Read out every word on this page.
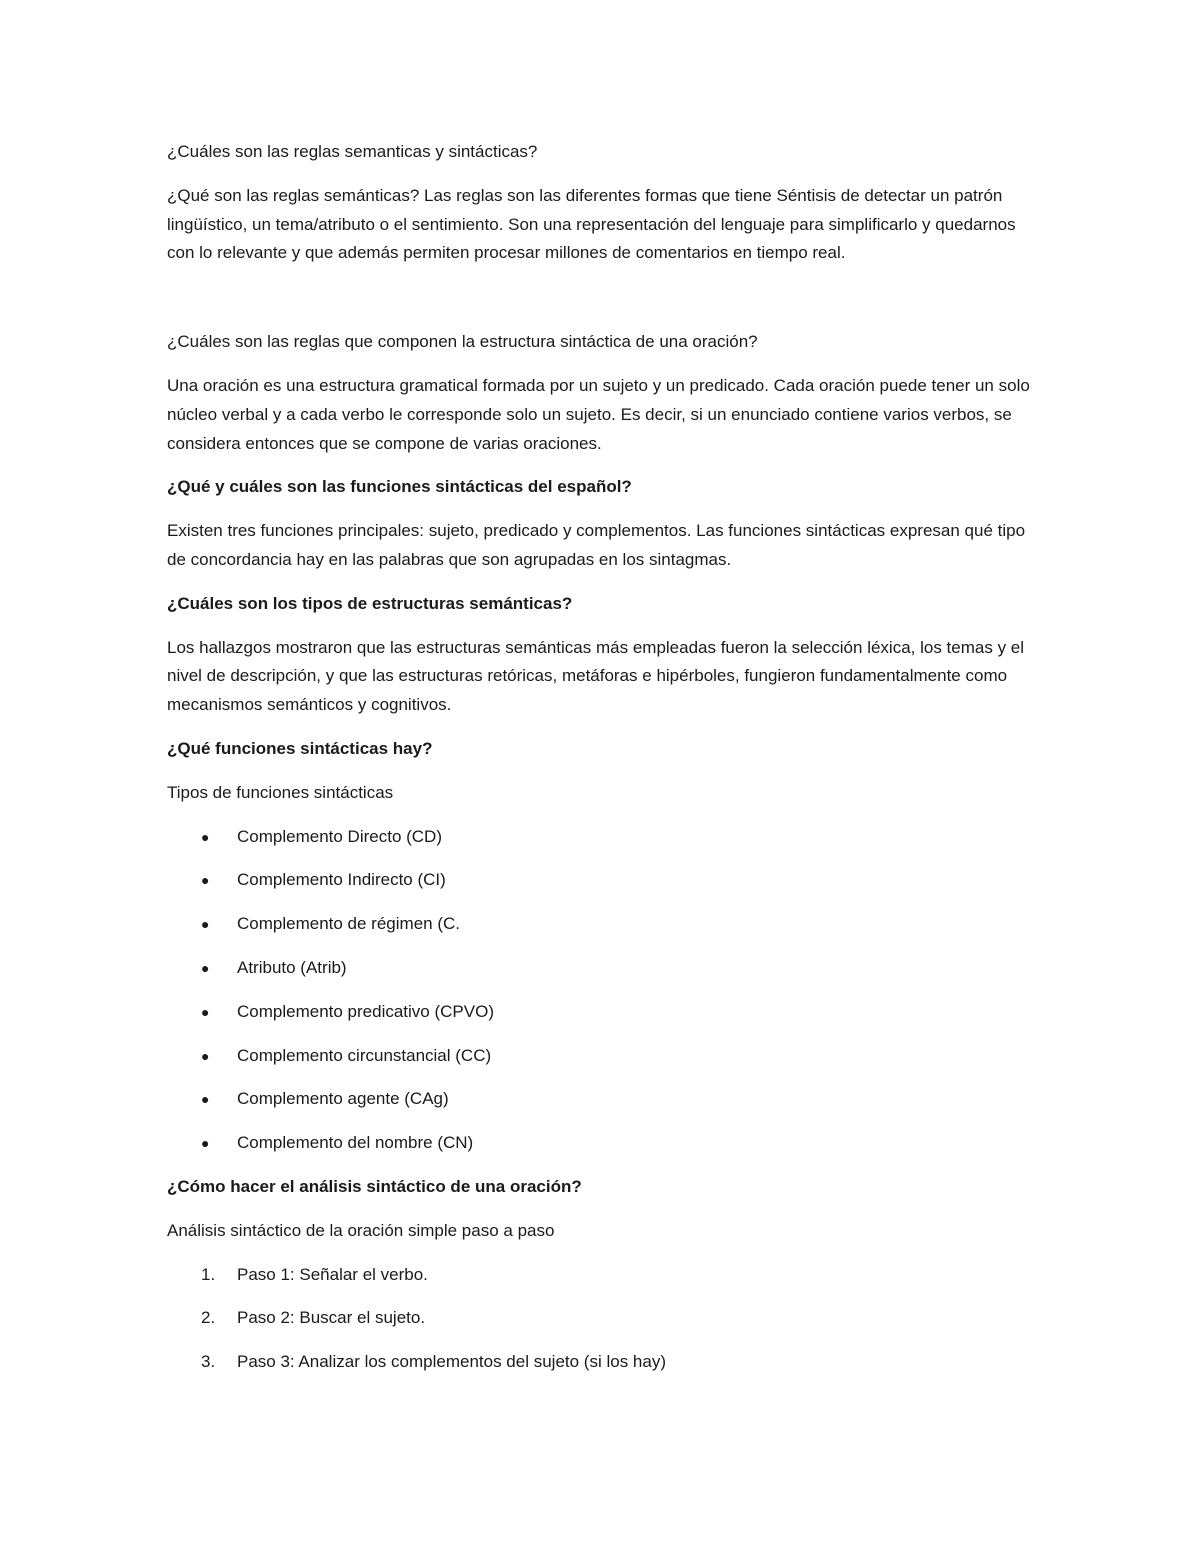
¿Cuáles son las reglas semanticas y sintácticas?

¿Qué son las reglas semánticas? Las reglas son las diferentes formas que tiene Séntisis de detectar un patrón lingüístico, un tema/atributo o el sentimiento. Son una representación del lenguaje para simplificarlo y quedarnos con lo relevante y que además permiten procesar millones de comentarios en tiempo real.

¿Cuáles son las reglas que componen la estructura sintáctica de una oración?

Una oración es una estructura gramatical formada por un sujeto y un predicado. Cada oración puede tener un solo núcleo verbal y a cada verbo le corresponde solo un sujeto. Es decir, si un enunciado contiene varios verbos, se considera entonces que se compone de varias oraciones.

¿Qué y cuáles son las funciones sintácticas del español?

Existen tres funciones principales: sujeto, predicado y complementos. Las funciones sintácticas expresan qué tipo de concordancia hay en las palabras que son agrupadas en los sintagmas.

¿Cuáles son los tipos de estructuras semánticas?

Los hallazgos mostraron que las estructuras semánticas más empleadas fueron la selección léxica, los temas y el nivel de descripción, y que las estructuras retóricas, metáforas e hipérboles, fungieron fundamentalmente como mecanismos semánticos y cognitivos.

¿Qué funciones sintácticas hay?

Tipos de funciones sintácticas

● Complemento Directo (CD)
● Complemento Indirecto (CI)
● Complemento de régimen (C.
● Atributo (Atrib)
● Complemento predicativo (CPVO)
● Complemento circunstancial (CC)
● Complemento agente (CAg)
● Complemento del nombre (CN)

¿Cómo hacer el análisis sintáctico de una oración?

Análisis sintáctico de la oración simple paso a paso

1. Paso 1: Señalar el verbo.
2. Paso 2: Buscar el sujeto.
3. Paso 3: Analizar los complementos del sujeto (si los hay)
